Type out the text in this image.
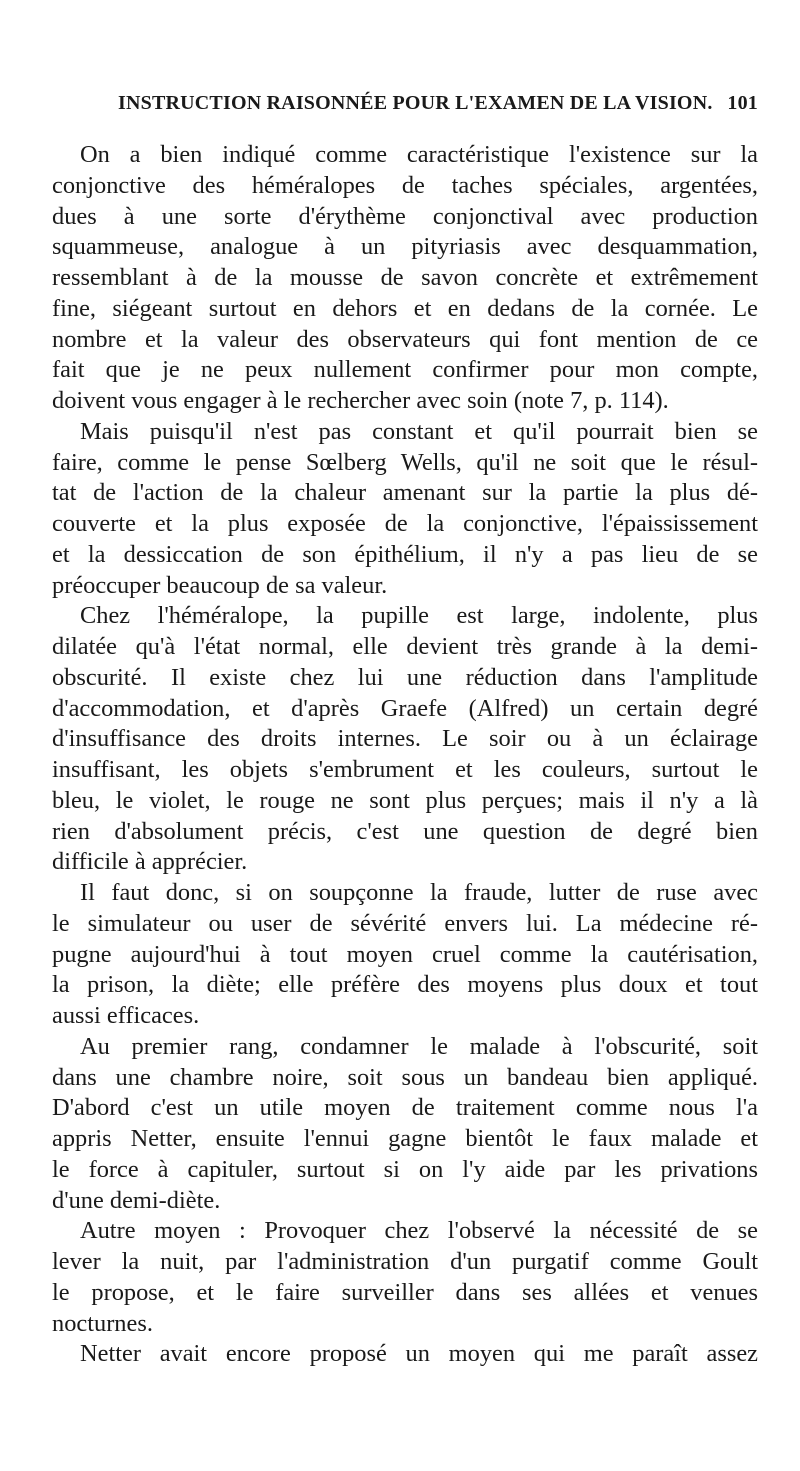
INSTRUCTION RAISONNÉE POUR L'EXAMEN DE LA VISION. 101
On a bien indiqué comme caractéristique l'existence sur la
conjonctive des héméralopes de taches spéciales, argentées,
dues à une sorte d'érythème conjonctival avec production
squammeuse, analogue à un pityriasis avec desquammation,
ressemblant à de la mousse de savon concrète et extrêmement
fine, siégeant surtout en dehors et en dedans de la cornée. Le
nombre et la valeur des observateurs qui font mention de ce
fait que je ne peux nullement confirmer pour mon compte,
doivent vous engager à le rechercher avec soin (note 7, p. 114).
Mais puisqu'il n'est pas constant et qu'il pourrait bien se
faire, comme le pense Sœlberg Wells, qu'il ne soit que le résul-
tat de l'action de la chaleur amenant sur la partie la plus dé-
couverte et la plus exposée de la conjonctive, l'épaississement
et la dessiccation de son épithélium, il n'y a pas lieu de se
préoccuper beaucoup de sa valeur.
Chez l'héméralope, la pupille est large, indolente, plus
dilatée qu'à l'état normal, elle devient très grande à la demi-
obscurité. Il existe chez lui une réduction dans l'amplitude
d'accommodation, et d'après Graefe (Alfred) un certain degré
d'insuffisance des droits internes. Le soir ou à un éclairage
insuffisant, les objets s'embrument et les couleurs, surtout le
bleu, le violet, le rouge ne sont plus perçues; mais il n'y a là
rien d'absolument précis, c'est une question de degré bien
difficile à apprécier.
Il faut donc, si on soupçonne la fraude, lutter de ruse avec
le simulateur ou user de sévérité envers lui. La médecine ré-
pugne aujourd'hui à tout moyen cruel comme la cautérisation,
la prison, la diète; elle préfère des moyens plus doux et tout
aussi efficaces.
Au premier rang, condamner le malade à l'obscurité, soit
dans une chambre noire, soit sous un bandeau bien appliqué.
D'abord c'est un utile moyen de traitement comme nous l'a
appris Netter, ensuite l'ennui gagne bientôt le faux malade et
le force à capituler, surtout si on l'y aide par les privations
d'une demi-diète.
Autre moyen : Provoquer chez l'observé la nécessité de se
lever la nuit, par l'administration d'un purgatif comme Goult
le propose, et le faire surveiller dans ses allées et venues
nocturnes.
Netter avait encore proposé un moyen qui me paraît assez
